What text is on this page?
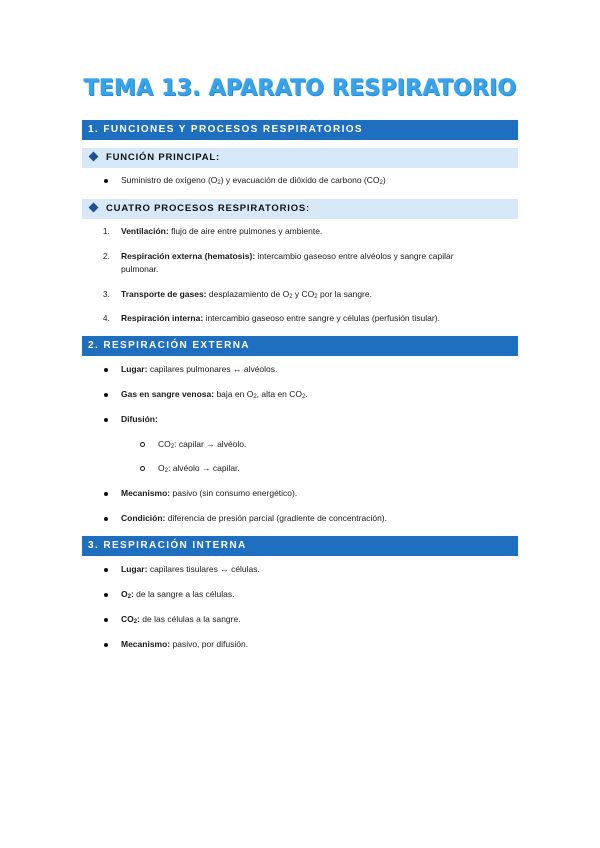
TEMA 13. APARATO RESPIRATORIO
1. FUNCIONES Y PROCESOS RESPIRATORIOS
FUNCIÓN PRINCIPAL:
Suministro de oxígeno (O2) y evacuación de dióxido de carbono (CO2)
CUATRO PROCESOS RESPIRATORIOS:
1.	Ventilación: flujo de aire entre pulmones y ambiente.
2.	Respiración externa (hematosis): intercambio gaseoso entre alvéolos y sangre capilar
pulmonar.
3.	Transporte de gases: desplazamiento de O2 y CO2 por la sangre.
4.	Respiración interna: intercambio gaseoso entre sangre y células (perfusión tisular).
2. RESPIRACIÓN EXTERNA
Lugar: capilares pulmonares ↔ alvéolos.
Gas en sangre venosa: baja en O2, alta en CO2.
Difusión:
CO2: capilar → alvéolo.
O2: alvéolo → capilar.
Mecanismo: pasivo (sin consumo energético).
Condición: diferencia de presión parcial (gradiente de concentración).
3. RESPIRACIÓN INTERNA
Lugar: capilares tisulares ↔ células.
O2: de la sangre a las células.
CO2: de las células a la sangre.
Mecanismo: pasivo, por difusión.
